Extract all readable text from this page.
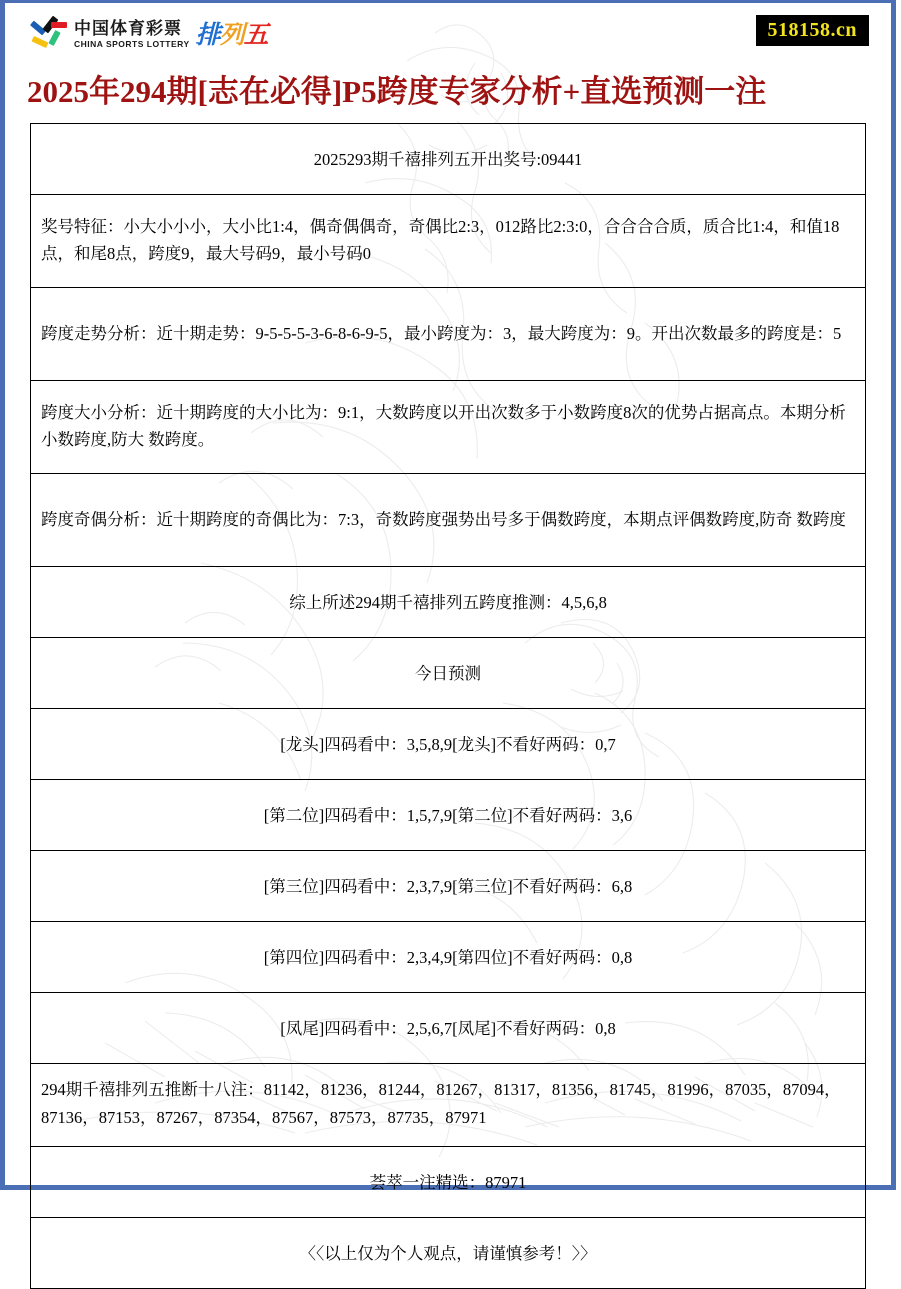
中国体育彩票
CHINA SPORTS LOTTERY 排列五	518158.cn
2025年294期[志在必得]P5跨度专家分析+直选预测一注
2025293期千禧排列五开出奖号:09441
奖号特征：小大小小小，大小比1:4，偶奇偶偶奇，奇偶比2:3，012路比2:3:0，合合合合质，质合比1:4，和值18点，和尾8点，跨度9，最大号码9，最小号码0
跨度走势分析：近十期走势：9-5-5-5-3-6-8-6-9-5，最小跨度为：3，最大跨度为：9。开出次数最多的跨度是：5
跨度大小分析：近十期跨度的大小比为：9:1，大数跨度以开出次数多于小数跨度8次的优势占据高点。本期分析小数跨度,防大 数跨度。
跨度奇偶分析：近十期跨度的奇偶比为：7:3，奇数跨度强势出号多于偶数跨度，本期点评偶数跨度,防奇 数跨度
综上所述294期千禧排列五跨度推测：4,5,6,8
今日预测
[龙头]四码看中：3,5,8,9[龙头]不看好两码：0,7
[第二位]四码看中：1,5,7,9[第二位]不看好两码：3,6
[第三位]四码看中：2,3,7,9[第三位]不看好两码：6,8
[第四位]四码看中：2,3,4,9[第四位]不看好两码：0,8
[凤尾]四码看中：2,5,6,7[凤尾]不看好两码：0,8
294期千禧排列五推断十八注：81142，81236，81244，81267，81317，81356，81745，81996，87035，87094，87136，87153，87267，87354，87567，87573，87735，87971
荟萃一注精选：87971
〈〈以上仅为个人观点，请谨慎参考！〉〉
